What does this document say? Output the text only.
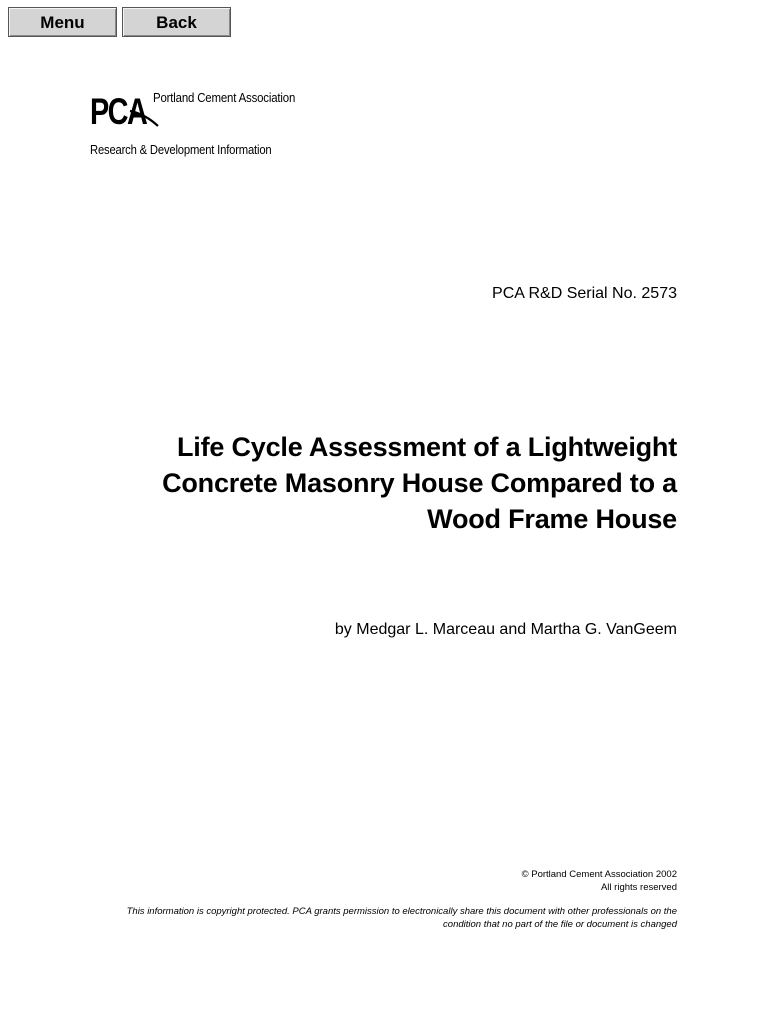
Menu	Back
PCA Portland Cement Association
Research & Development Information
PCA R&D Serial No. 2573
Life Cycle Assessment of a Lightweight
Concrete Masonry House Compared to a
Wood Frame House
by Medgar L. Marceau and Martha G. VanGeem
© Portland Cement Association 2002
All rights reserved
This information is copyright protected. PCA grants permission to electronically share this document with other professionals on the
condition that no part of the file or document is changed
